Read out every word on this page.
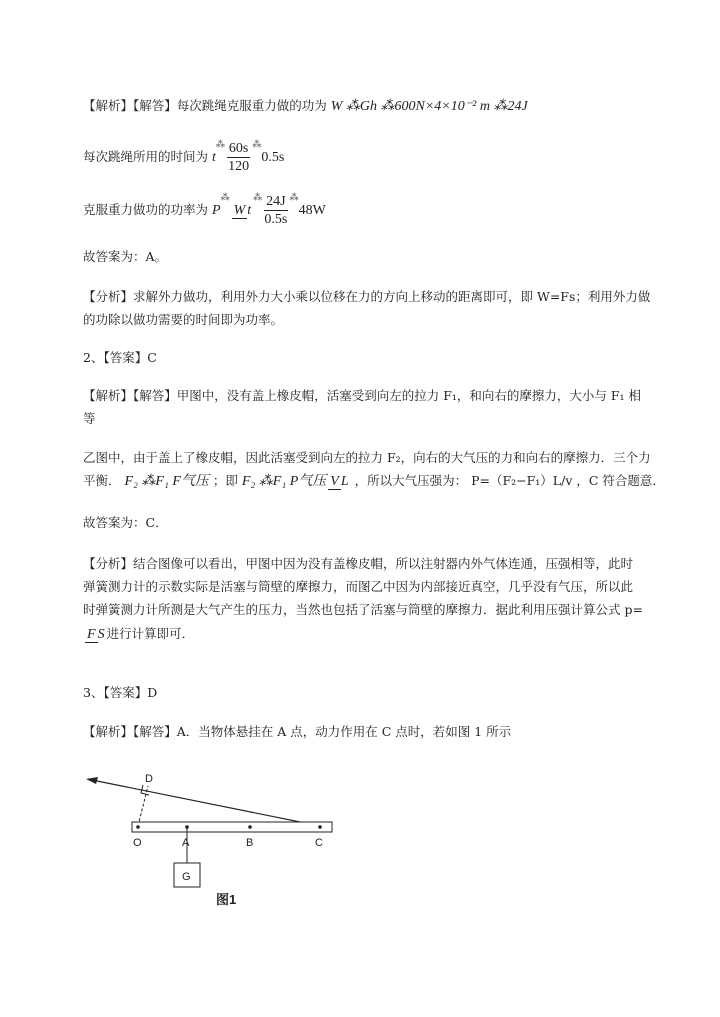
【解析】【解答】每次跳绳克服重力做的功为 W ⁂Gh ⁂600N×4×10⁻² m ⁂24J
每次跳绳所用的时间为 $t^⁂ \frac{60s}{120} ^⁂0.5s$
克服重力做功的功率为 P⁂W $t^⁂ \frac{24J}{0.5s} ^⁂48W$
故答案为：A。
【分析】求解外力做功，利用外力大小乘以位移在力的方向上移动的距离即可，即 W=Fs；利用外力做
的功除以做功需要的时间即为功率。
2、【答案】C
【解析】【解答】甲图中，没有盖上橡皮帽，活塞受到向左的拉力 F₁，和向右的摩擦力，大小与 F₁ 相
等
乙图中，由于盖上了橡皮帽，因此活塞受到向左的拉力 F₂，向右的大气压的力和向右的摩擦力．三个力
平衡． F₂ ⁂F₁ F气压 ；即 F₂ ⁂F₁ P气压 V L ，所以大气压强为： P=（F₂−F₁）L/v ，C 符合题意．
故答案为：C．
【分析】结合图像可以看出，甲图中因为没有盖橡皮帽，所以注射器内外气体连通，压强相等，此时
弹簧测力计的示数实际是活塞与筒壁的摩擦力，而图乙中因为内部接近真空，几乎没有气压，所以此
时弹簧测力计所测是大气产生的压力，当然也包括了活塞与筒壁的摩擦力．据此利用压强计算公式 p=
F S 进行计算即可．
3、【答案】D
【解析】【解答】A．当物体悬挂在 A 点，动力作用在 C 点时，若如图 1 所示
D
O	A	B	C
G
图1
